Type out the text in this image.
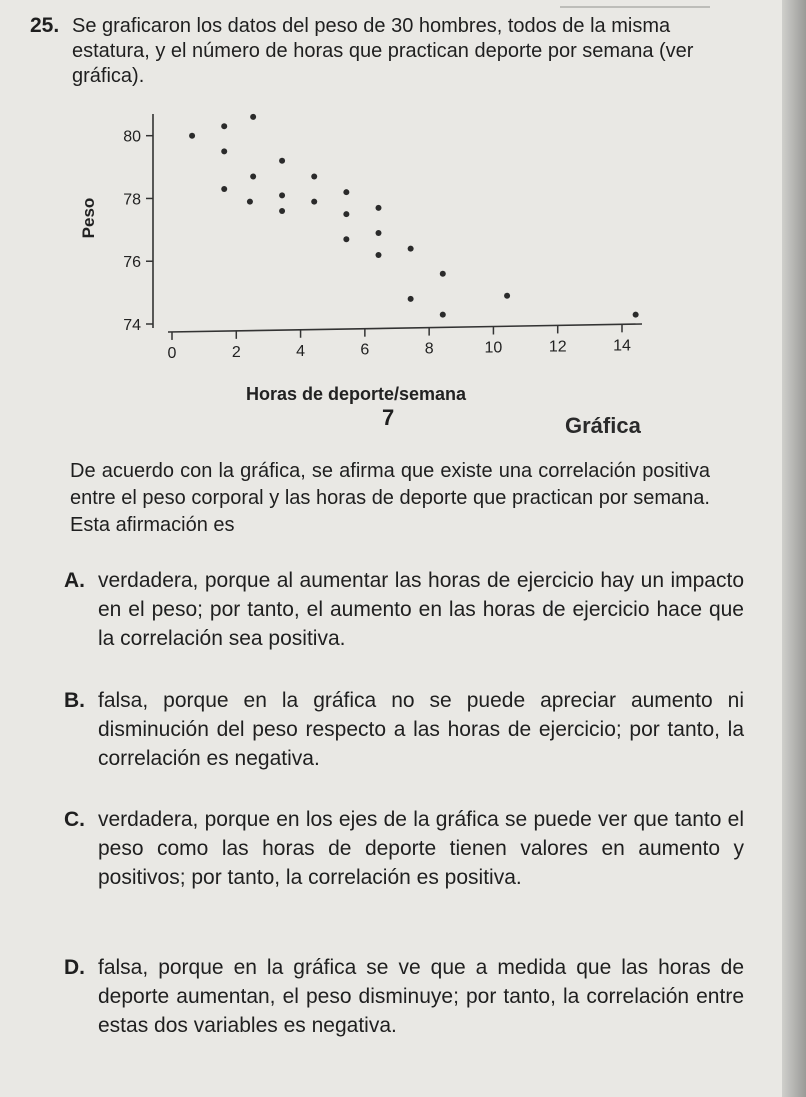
25. Se graficaron los datos del peso de 30 hombres, todos de la misma estatura, y el número de horas que practican deporte por semana (ver gráfica).
74
76
78
80
0	2	4	6	8	10	12	14
Peso
Horas de deporte/semana
7	Gráfica
De acuerdo con la gráfica, se afirma que existe una correlación positiva entre el peso corporal y las horas de deporte que practican por semana. Esta afirmación es
A. verdadera, porque al aumentar las horas de ejercicio hay un impacto en el peso; por tanto, el aumento en las horas de ejercicio hace que la correlación sea positiva.
B. falsa, porque en la gráfica no se puede apreciar aumento ni disminución del peso respecto a las horas de ejercicio; por tanto, la correlación es negativa.
C. verdadera, porque en los ejes de la gráfica se puede ver que tanto el peso como las horas de deporte tienen valores en aumento y positivos; por tanto, la correlación es positiva.
D. falsa, porque en la gráfica se ve que a medida que las horas de deporte aumentan, el peso disminuye; por tanto, la correlación entre estas dos variables es negativa.
